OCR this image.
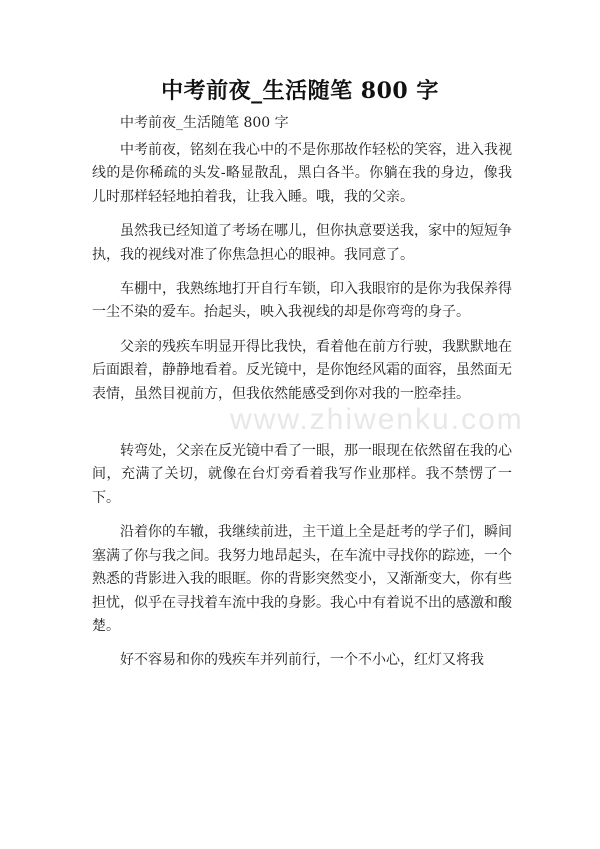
中考前夜_生活随笔 800 字
中考前夜_生活随笔 800 字

中考前夜，铭刻在我心中的不是你那故作轻松的笑容，进入我视线的是你稀疏的头发-略显散乱，黑白各半。你躺在我的身边，像我儿时那样轻轻地拍着我，让我入睡。哦，我的父亲。

虽然我已经知道了考场在哪儿，但你执意要送我，家中的短短争执，我的视线对准了你焦急担心的眼神。我同意了。

车棚中，我熟练地打开自行车锁，印入我眼帘的是你为我保养得一尘不染的爱车。抬起头，映入我视线的却是你弯弯的身子。

父亲的残疾车明显开得比我快，看着他在前方行驶，我默默地在后面跟着，静静地看着。反光镜中，是你饱经风霜的面容，虽然面无表情，虽然目视前方，但我依然能感受到你对我的一腔牵挂。

转弯处，父亲在反光镜中看了一眼，那一眼现在依然留在我的心间，充满了关切，就像在台灯旁看着我写作业那样。我不禁愣了一下。

沿着你的车辙，我继续前进，主干道上全是赶考的学子们，瞬间塞满了你与我之间。我努力地昂起头，在车流中寻找你的踪迹，一个熟悉的背影进入我的眼眶。你的背影突然变小，又渐渐变大，你有些担忧，似乎在寻找着车流中我的身影。我心中有着说不出的感激和酸楚。

好不容易和你的残疾车并列前行，一个不小心，红灯又将我

www.zhiwenku.com
